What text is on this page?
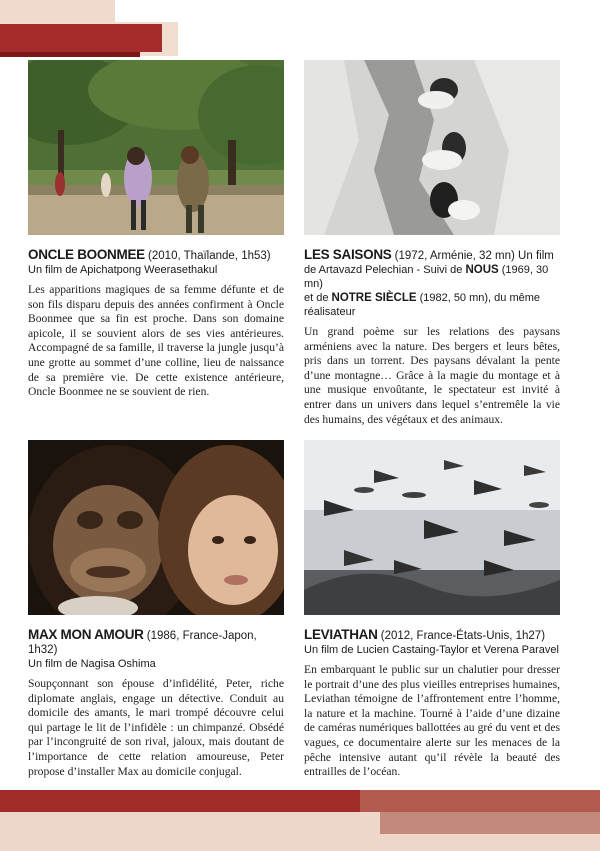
ONCLE BOONMEE (2010, Thaïlande, 1h53)
Un film de Apichatpong Weerasethakul
Les apparitions magiques de sa femme défunte et de son fils disparu depuis des années confirment à Oncle Boonmee que sa fin est proche. Dans son domaine apicole, il se souvient alors de ses vies antérieures. Accompagné de sa famille, il traverse la jungle jusqu’à une grotte au sommet d’une colline, lieu de naissance de sa première vie. De cette existence antérieure, Oncle Boonmee ne se souvient de rien.
LES SAISONS (1972, Arménie, 32 mn) Un film
de Artavazd Pelechian - Suivi de NOUS (1969, 30 mn)
et de NOTRE SIÈCLE (1982, 50 mn), du même réalisateur
Un grand poème sur les relations des paysans arméniens avec la nature. Des bergers et leurs bêtes, pris dans un torrent. Des paysans dévalant la pente d’une montagne… Grâce à la magie du montage et à une musique envoûtante, le spectateur est invité à entrer dans un univers dans lequel s’entremêle la vie des humains, des végétaux et des animaux.
MAX MON AMOUR (1986, France-Japon, 1h32)
Un film de Nagisa Oshima
Soupçonnant son épouse d’infidélité, Peter, riche diplomate anglais, engage un détective. Conduit au domicile des amants, le mari trompé découvre celui qui partage le lit de l’infidèle : un chimpanzé. Obsédé par l’incongruité de son rival, jaloux, mais doutant de l’importance de cette relation amoureuse, Peter propose d’installer Max au domicile conjugal.
LEVIATHAN (2012, France-États-Unis, 1h27)
Un film de Lucien Castaing-Taylor et Verena Paravel
En embarquant le public sur un chalutier pour dresser le portrait d’une des plus vieilles entreprises humaines, Leviathan témoigne de l’affrontement entre l’homme, la nature et la machine. Tourné à l’aide d’une dizaine de caméras numériques ballottées au gré du vent et des vagues, ce documentaire alerte sur les menaces de la pêche intensive autant qu’il révèle la beauté des entrailles de l’océan.
